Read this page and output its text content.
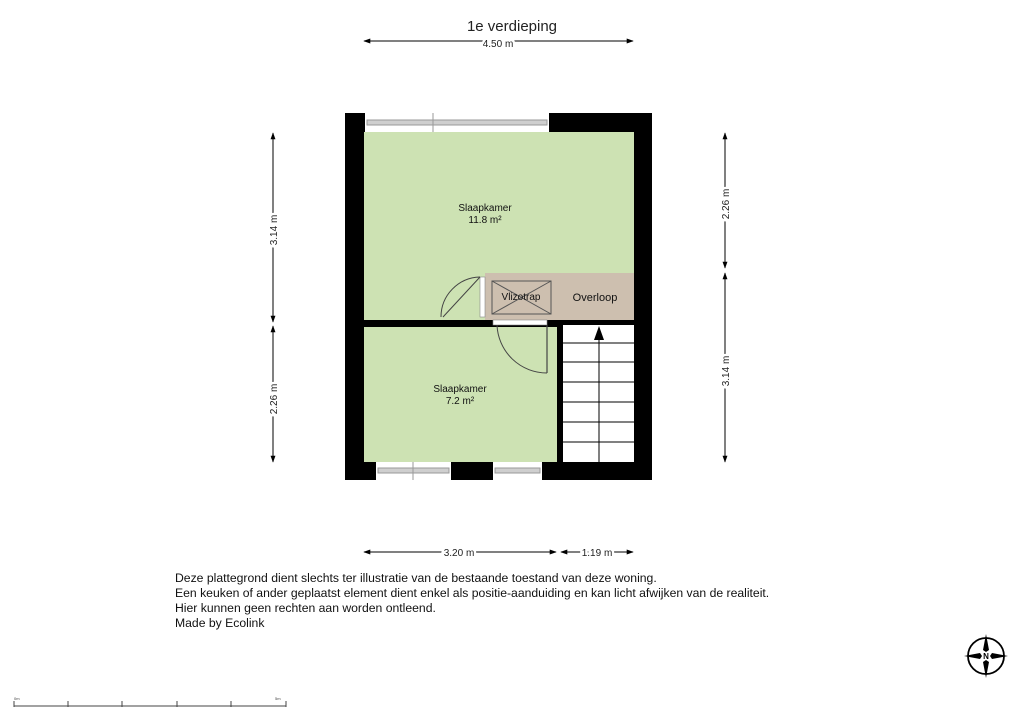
1e verdieping
4.50 m
3.14 m
2.26 m
2.26 m
3.14 m
3.20 m	1.19 m
Vlizotrap
Slaapkamer
11.8 m²
Slaapkamer
7.2 m²
Overloop
N
0m	5m
Deze plattegrond dient slechts ter illustratie van de bestaande toestand van deze woning.
Een keuken of ander geplaatst element dient enkel als positie-aanduiding en kan licht afwijken van de realiteit.
Hier kunnen geen rechten aan worden ontleend.
Made by Ecolink
